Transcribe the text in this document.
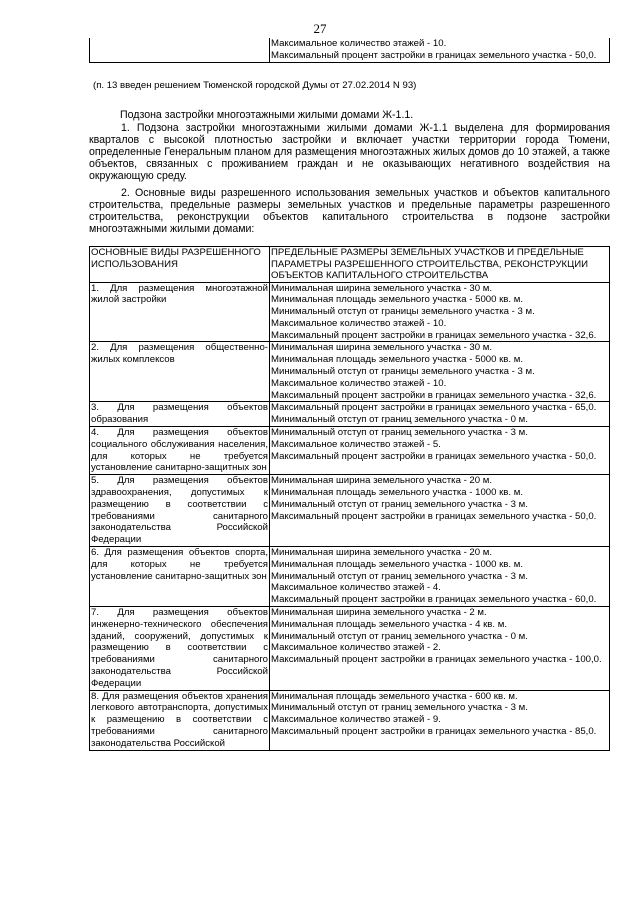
27

Максимальное количество этажей - 10.
Максимальный процент застройки в границах земельного участка - 50,0.
(п. 13 введен решением Тюменской городской Думы от 27.02.2014 N 93)
Подзона застройки многоэтажными жилыми домами Ж-1.1.
1. Подзона застройки многоэтажными жилыми домами Ж-1.1 выделена для формирования кварталов с высокой плотностью застройки и включает участки территории города Тюмени, определенные Генеральным планом для размещения многоэтажных жилых домов до 10 этажей, а также объектов, связанных с проживанием граждан и не оказывающих негативного воздействия на окружающую среду.
2. Основные виды разрешенного использования земельных участков и объектов капитального строительства, предельные размеры земельных участков и предельные параметры разрешенного строительства, реконструкции объектов капитального строительства в подзоне застройки многоэтажными жилыми домами:
ОСНОВНЫЕ ВИДЫ РАЗРЕШЕННОГО ИСПОЛЬЗОВАНИЯ	ПРЕДЕЛЬНЫЕ РАЗМЕРЫ ЗЕМЕЛЬНЫХ УЧАСТКОВ И ПРЕДЕЛЬНЫЕ ПАРАМЕТРЫ РАЗРЕШЕННОГО СТРОИТЕЛЬСТВА, РЕКОНСТРУКЦИИ ОБЪЕКТОВ КАПИТАЛЬНОГО СТРОИТЕЛЬСТВА
1. Для размещения многоэтажной жилой застройки	Минимальная ширина земельного участка - 30 м.
Минимальная площадь земельного участка - 5000 кв. м.
Минимальный отступ от границы земельного участка - 3 м.
Максимальное количество этажей - 10.
Максимальный процент застройки в границах земельного участка - 32,6.

2. Для размещения общественно-жилых комплексов	Минимальная ширина земельного участка - 30 м.
Минимальная площадь земельного участка - 5000 кв. м.
Минимальный отступ от границы земельного участка - 3 м.
Максимальное количество этажей - 10.
Максимальный процент застройки в границах земельного участка - 32,6.

3. Для размещения объектов образования	Максимальный процент застройки в границах земельного участка - 65,0.
Минимальный отступ от границ земельного участка - 0 м.

4. Для размещения объектов социального обслуживания населения, для которых не требуется установление санитарно-защитных зон	Минимальный отступ от границ земельного участка - 3 м.
Максимальное количество этажей - 5.
Максимальный процент застройки в границах земельного участка - 50,0.

5. Для размещения объектов здравоохранения, допустимых к размещению в соответствии с требованиями санитарного законодательства Российской Федерации	Минимальная ширина земельного участка - 20 м.
Минимальная площадь земельного участка - 1000 кв. м.
Минимальный отступ от границ земельного участка - 3 м.
Максимальный процент застройки в границах земельного участка - 50,0.

6. Для размещения объектов спорта, для которых не требуется установление санитарно-защитных зон	Минимальная ширина земельного участка - 20 м.
Минимальная площадь земельного участка - 1000 кв. м.
Минимальный отступ от границ земельного участка - 3 м.
Максимальное количество этажей - 4.
Максимальный процент застройки в границах земельного участка - 60,0.

7. Для размещения объектов инженерно-технического обеспечения зданий, сооружений, допустимых к размещению в соответствии с требованиями санитарного законодательства Российской Федерации	Минимальная ширина земельного участка - 2 м.
Минимальная площадь земельного участка - 4 кв. м.
Минимальный отступ от границ земельного участка - 0 м.
Максимальное количество этажей - 2.
Максимальный процент застройки в границах земельного участка - 100,0.

8. Для размещения объектов хранения легкового автотранспорта, допустимых к размещению в соответствии с требованиями санитарного законодательства Российской	Минимальная площадь земельного участка - 600 кв. м.
Минимальный отступ от границ земельного участка - 3 м.
Максимальное количество этажей - 9.
Максимальный процент застройки в границах земельного участка - 85,0.
